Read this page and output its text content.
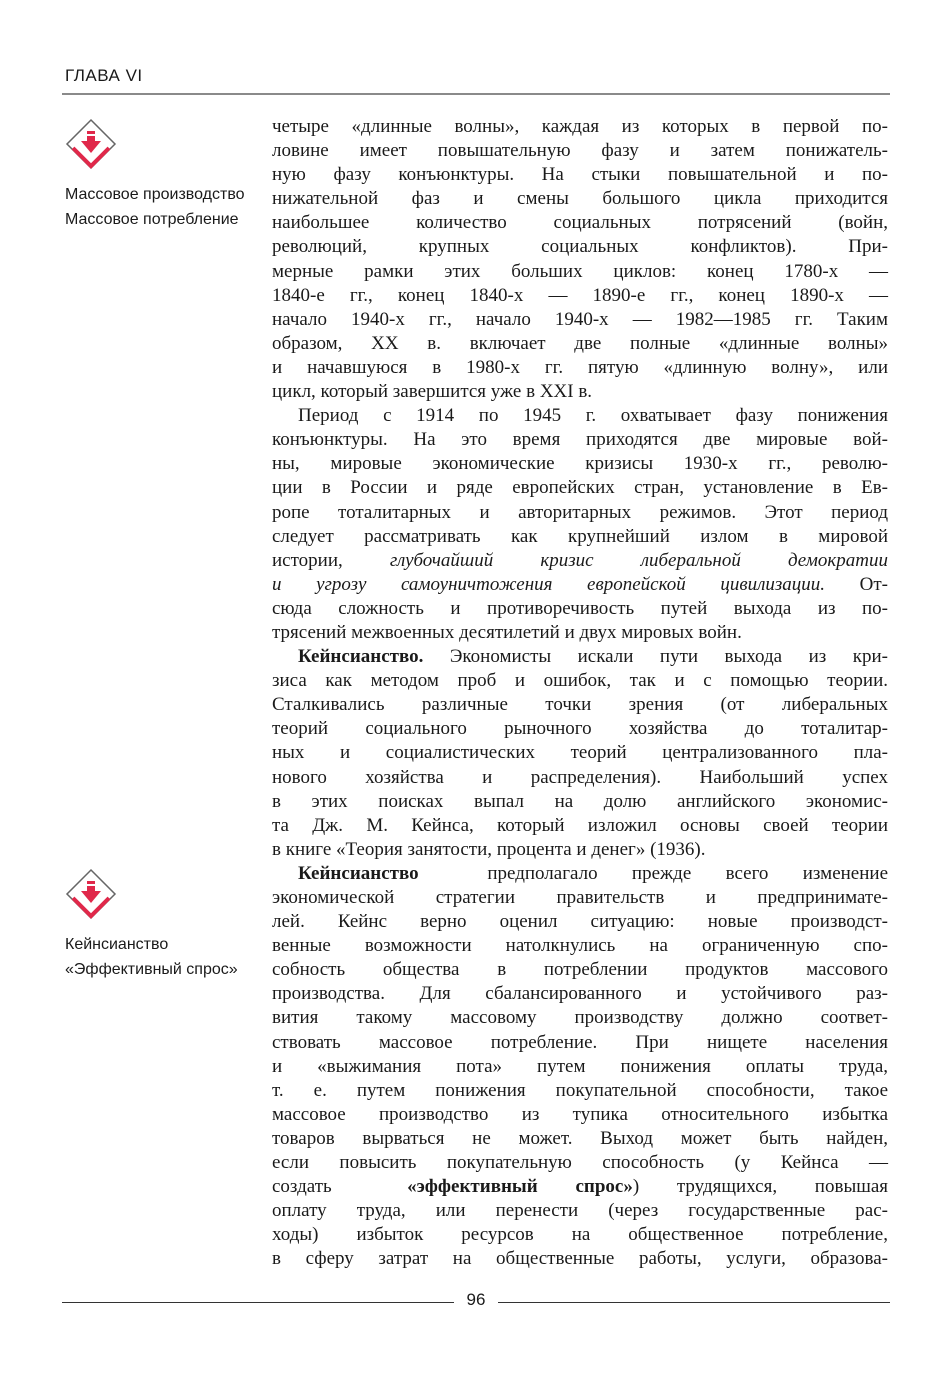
ГЛАВА VI
Массовое производство
Массовое потребление
Кейнсианство
«Эффективный спрос»
четыре «длинные волны», каждая из которых в первой по-
ловине имеет повышательную фазу и затем понижатель-
ную фазу конъюнктуры. На стыки повышательной и по-
нижательной фаз и смены большого цикла приходится
наибольшее количество социальных потрясений (войн,
революций, крупных социальных конфликтов). При-
мерные рамки этих больших циклов: конец 1780-х —
1840-е гг., конец 1840-х — 1890-е гг., конец 1890-х —
начало 1940-х гг., начало 1940-х — 1982—1985 гг. Таким
образом, XX в. включает две полные «длинные волны»
и начавшуюся в 1980-х гг. пятую «длинную волну», или
цикл, который завершится уже в XXI в.
Период с 1914 по 1945 г. охватывает фазу понижения
конъюнктуры. На это время приходятся две мировые вой-
ны, мировые экономические кризисы 1930-х гг., револю-
ции в России и ряде европейских стран, установление в Ев-
ропе тоталитарных и авторитарных режимов. Этот период
следует рассматривать как крупнейший излом в мировой
истории, глубочайший кризис либеральной демократии
и угрозу самоуничтожения европейской цивилизации. От-
сюда сложность и противоречивость путей выхода из по-
трясений межвоенных десятилетий и двух мировых войн.
Кейнсианство. Экономисты искали пути выхода из кри-
зиса как методом проб и ошибок, так и с помощью теории.
Сталкивались различные точки зрения (от либеральных
теорий социального рыночного хозяйства до тоталитар-
ных и социалистических теорий централизованного пла-
нового хозяйства и распределения). Наибольший успех
в этих поисках выпал на долю английского экономис-
та Дж. М. Кейнса, который изложил основы своей теории
в книге «Теория занятости, процента и денег» (1936).
Кейнсианство  предполагало прежде всего изменение
экономической стратегии правительств и предпринимате-
лей. Кейнс верно оценил ситуацию: новые производст-
венные возможности натолкнулись на ограниченную спо-
собность общества в потреблении продуктов массового
производства. Для сбалансированного и устойчивого раз-
вития такому массовому производству должно соответ-
ствовать массовое потребление. При нищете населения
и «выжимания пота» путем понижения оплаты труда,
т. е. путем понижения покупательной способности, такое
массовое производство из тупика относительного избытка
товаров вырваться не может. Выход может быть найден,
если повысить покупательную способность (у Кейнса —
создать  «эффективный спрос») трудящихся, повышая
оплату труда, или перенести (через государственные рас-
ходы) избыток ресурсов на общественное потребление,
в сферу затрат на общественные работы, услуги, образова-
96
